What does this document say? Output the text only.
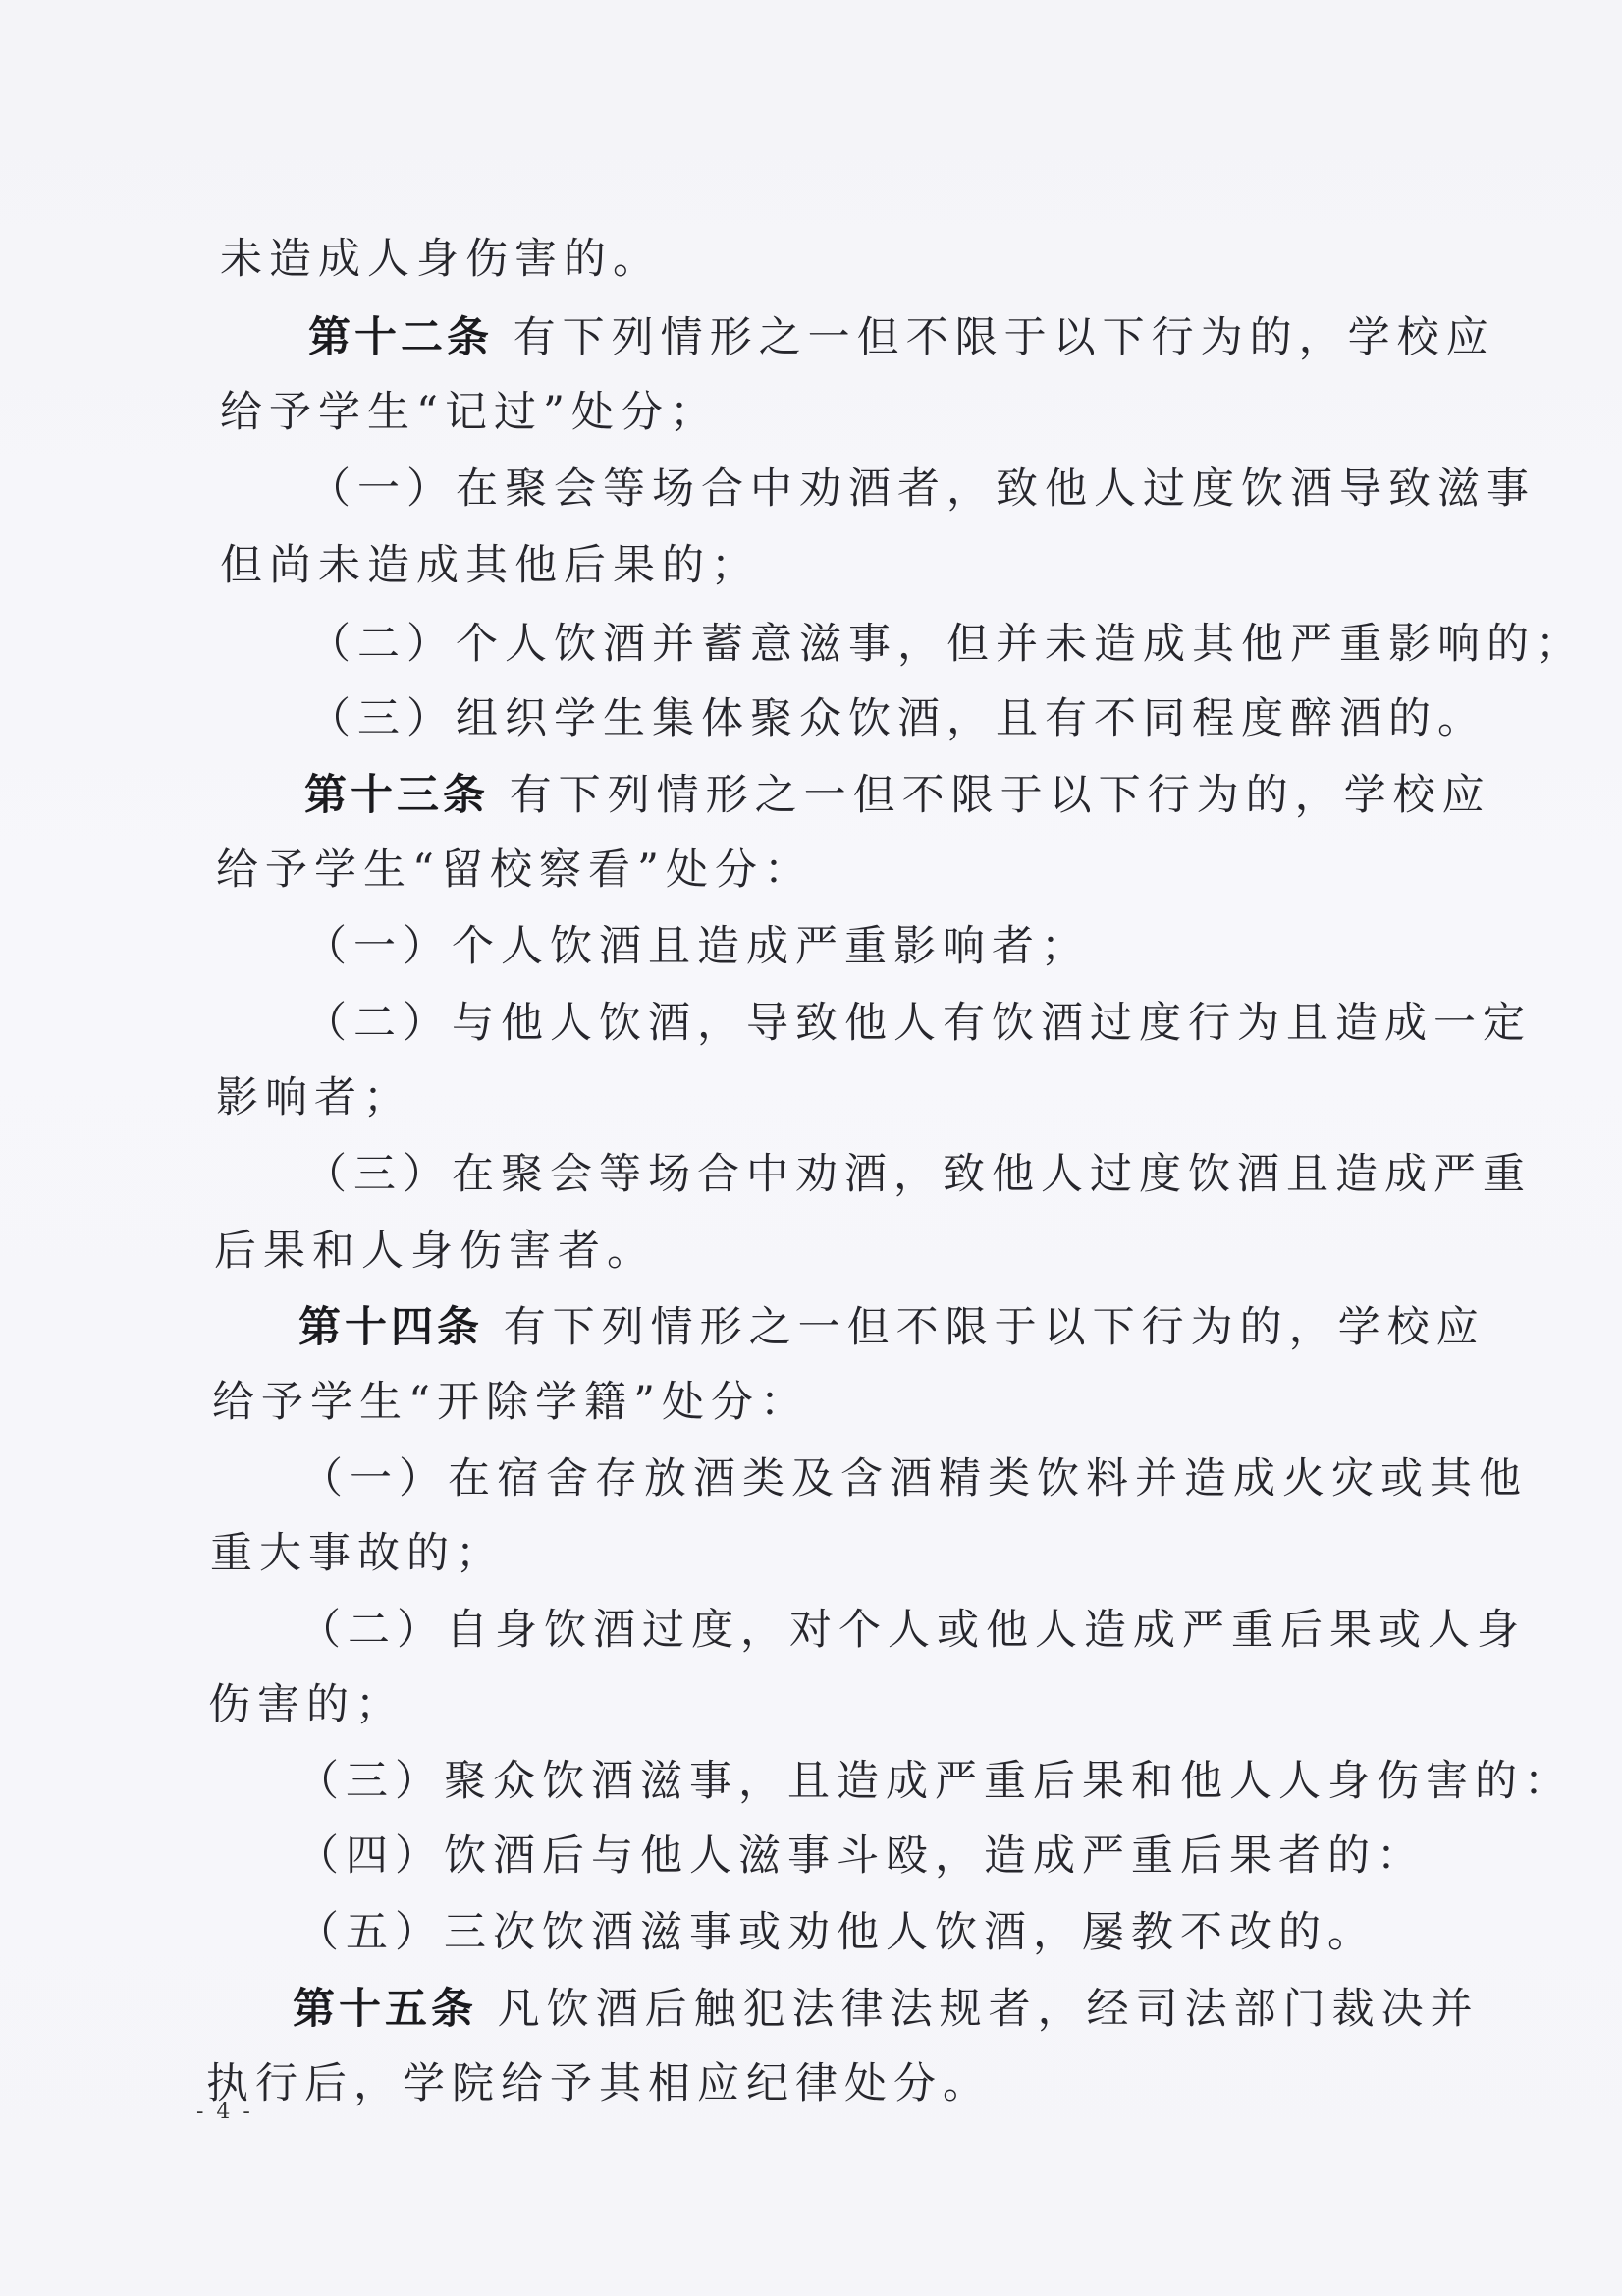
未造成人身伤害的。

第十二条 有下列情形之一但不限于以下行为的，学校应

给予学生“记过”处分；

（一）在聚会等场合中劝酒者，致他人过度饮酒导致滋事

但尚未造成其他后果的；

（二）个人饮酒并蓄意滋事，但并未造成其他严重影响的；

（三）组织学生集体聚众饮酒，且有不同程度醉酒的。

第十三条 有下列情形之一但不限于以下行为的，学校应

给予学生“留校察看”处分：

（一）个人饮酒且造成严重影响者；

（二）与他人饮酒，导致他人有饮酒过度行为且造成一定

影响者；

（三）在聚会等场合中劝酒，致他人过度饮酒且造成严重

后果和人身伤害者。

第十四条 有下列情形之一但不限于以下行为的，学校应

给予学生“开除学籍”处分：

（一）在宿舍存放酒类及含酒精类饮料并造成火灾或其他

重大事故的；

（二）自身饮酒过度，对个人或他人造成严重后果或人身

伤害的；

（三）聚众饮酒滋事，且造成严重后果和他人人身伤害的：

（四）饮酒后与他人滋事斗殴，造成严重后果者的：

（五）三次饮酒滋事或劝他人饮酒，屡教不改的。

第十五条 凡饮酒后触犯法律法规者，经司法部门裁决并

执行后，学院给予其相应纪律处分。

- 4 -
